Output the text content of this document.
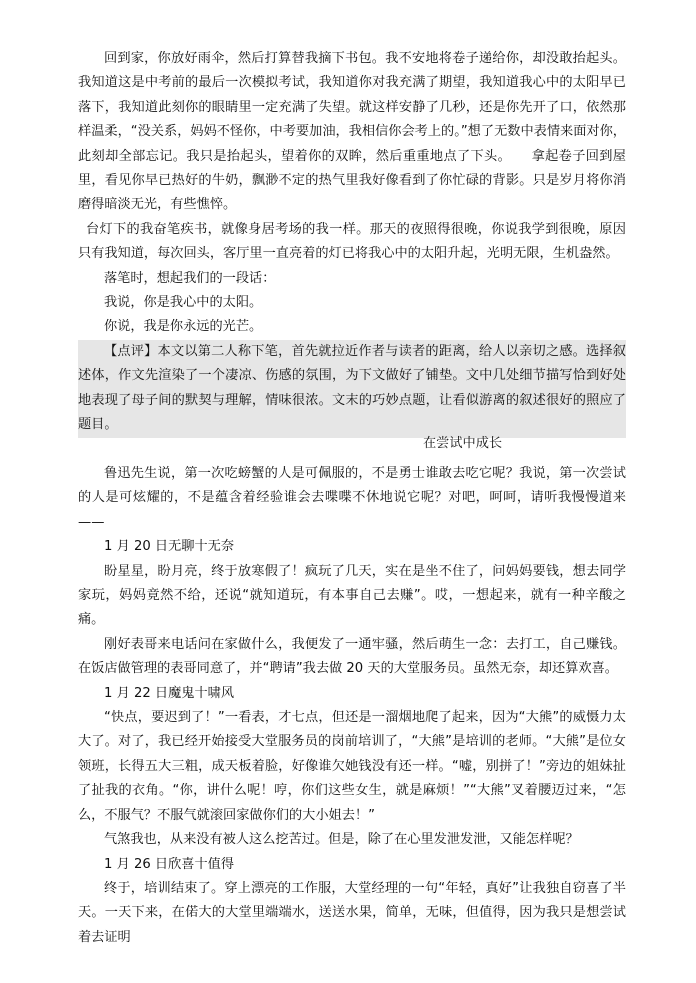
回到家，你放好雨伞，然后打算替我摘下书包。我不安地将卷子递给你，却没敢抬起头。我知道这是中考前的最后一次模拟考试，我知道你对我充满了期望，我知道我心中的太阳早已落下，我知道此刻你的眼睛里一定充满了失望。就这样安静了几秒，还是你先开了口，依然那样温柔，“没关系，妈妈不怪你，中考要加油，我相信你会考上的。”想了无数中表情来面对你，此刻却全部忘记。我只是抬起头，望着你的双眸，然后重重地点了下头。　　拿起卷子回到屋里，看见你早已热好的牛奶，飘渺不定的热气里我好像看到了你忙碌的背影。只是岁月将你消磨得暗淡无光，有些憔悴。

台灯下的我奋笔疾书，就像身居考场的我一样。那天的夜照得很晚，你说我学到很晚，原因只有我知道，每次回头，客厅里一直亮着的灯已将我心中的太阳升起，光明无限，生机盎然。

落笔时，想起我们的一段话：

我说，你是我心中的太阳。

你说，我是你永远的光芒。

【点评】本文以第二人称下笔，首先就拉近作者与读者的距离，给人以亲切之感。选择叙述体，作文先渲染了一个凄凉、伤感的氛围，为下文做好了铺垫。文中几处细节描写恰到好处地表现了母子间的默契与理解，情味很浓。文末的巧妙点题，让看似游离的叙述很好的照应了题目。

在尝试中成长

鲁迅先生说，第一次吃螃蟹的人是可佩服的，不是勇士谁敢去吃它呢？我说，第一次尝试的人是可炫耀的，不是蕴含着经验谁会去喋喋不休地说它呢？对吧，呵呵，请听我慢慢道来——

1 月 20 日无聊十无奈

盼星星，盼月亮，终于放寒假了！疯玩了几天，实在是坐不住了，问妈妈要钱，想去同学家玩，妈妈竟然不给，还说“就知道玩，有本事自己去赚”。哎，一想起来，就有一种辛酸之痛。

刚好表哥来电话问在家做什么，我便发了一通牢骚，然后萌生一念：去打工，自己赚钱。在饭店做管理的表哥同意了，并“聘请”我去做 20 天的大堂服务员。虽然无奈，却还算欢喜。

1 月 22 日魔鬼十啸风

“快点，要迟到了！”一看表，才七点，但还是一溜烟地爬了起来，因为“大熊”的威慑力太大了。对了，我已经开始接受大堂服务员的岗前培训了，“大熊”是培训的老师。“大熊”是位女领班，长得五大三粗，成天板着脸，好像谁欠她钱没有还一样。“嘘，别拼了！”旁边的姐妹扯了扯我的衣角。“你，讲什么呢！哼，你们这些女生，就是麻烦！”“大熊”叉着腰迈过来，“怎么，不服气？不服气就滚回家做你们的大小姐去！”

气煞我也，从来没有被人这么挖苦过。但是，除了在心里发泄发泄，又能怎样呢？

1 月 26 日欣喜十值得

终于，培训结束了。穿上漂亮的工作服，大堂经理的一句“年轻，真好”让我独自窃喜了半天。一天下来，在偌大的大堂里端端水，送送水果，简单，无味，但值得，因为我只是想尝试着去证明
